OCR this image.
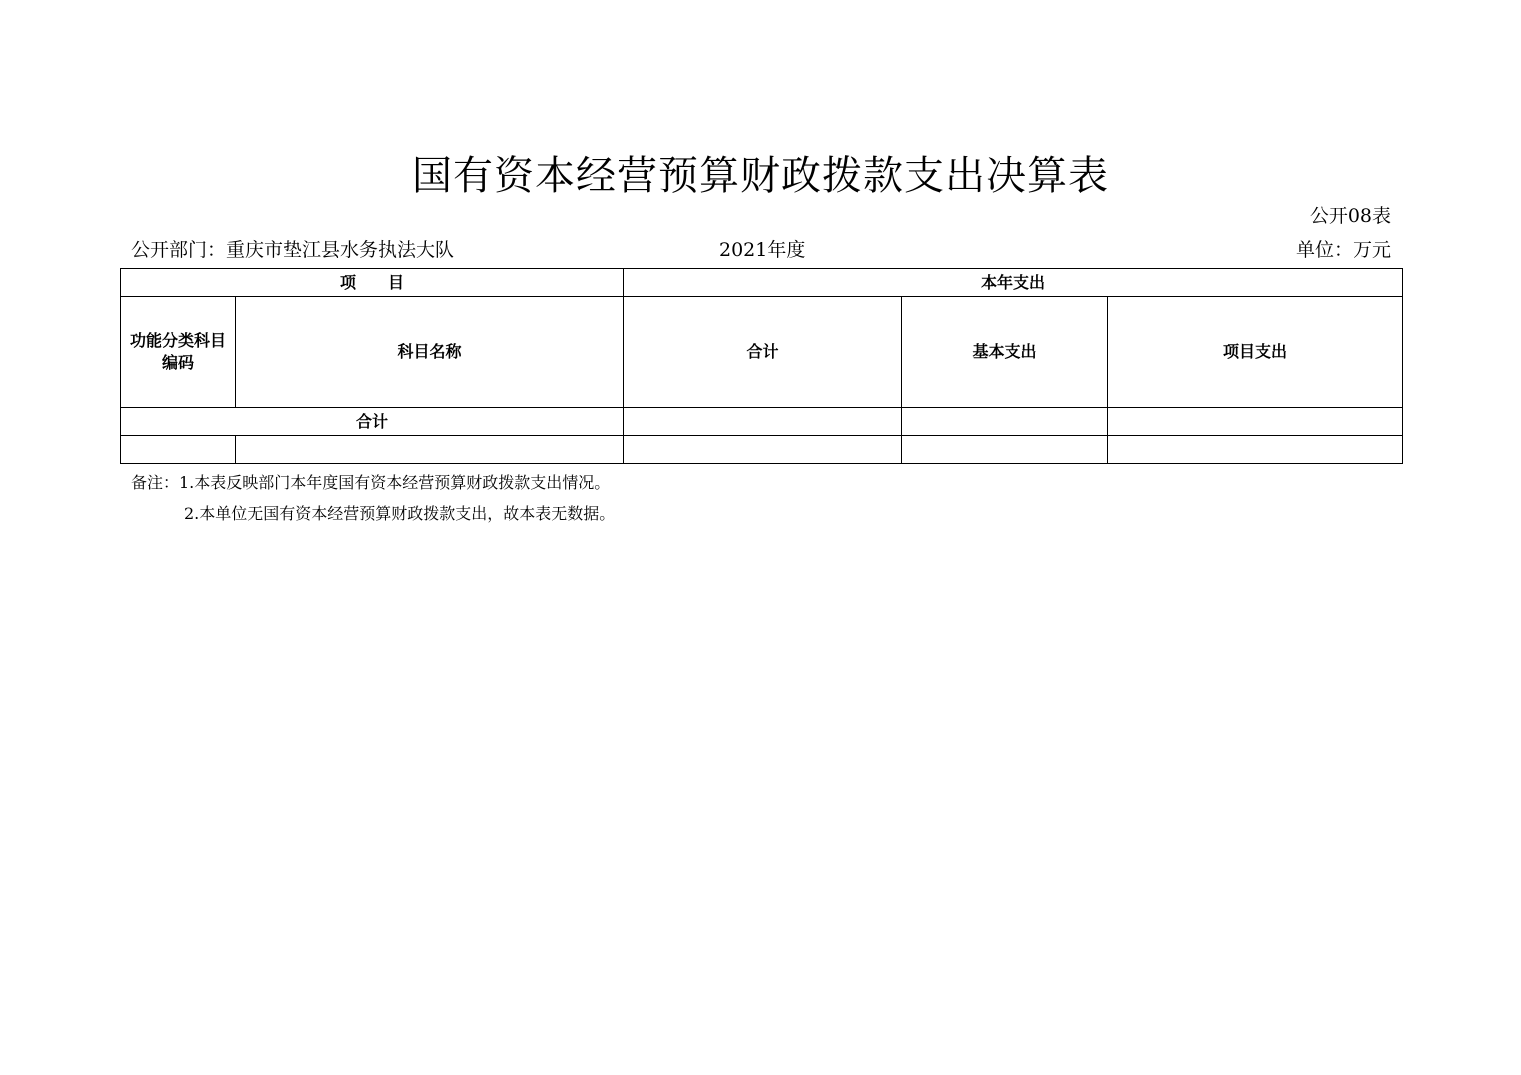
国有资本经营预算财政拨款支出决算表
公开08表
公开部门：重庆市垫江县水务执法大队	2021年度	单位：万元
项 目		本年支出		
功能分类科目编码	科目名称	合计	基本支出	项目支出
合计				

备注：1.本表反映部门本年度国有资本经营预算财政拨款支出情况。
2.本单位无国有资本经营预算财政拨款支出，故本表无数据。
